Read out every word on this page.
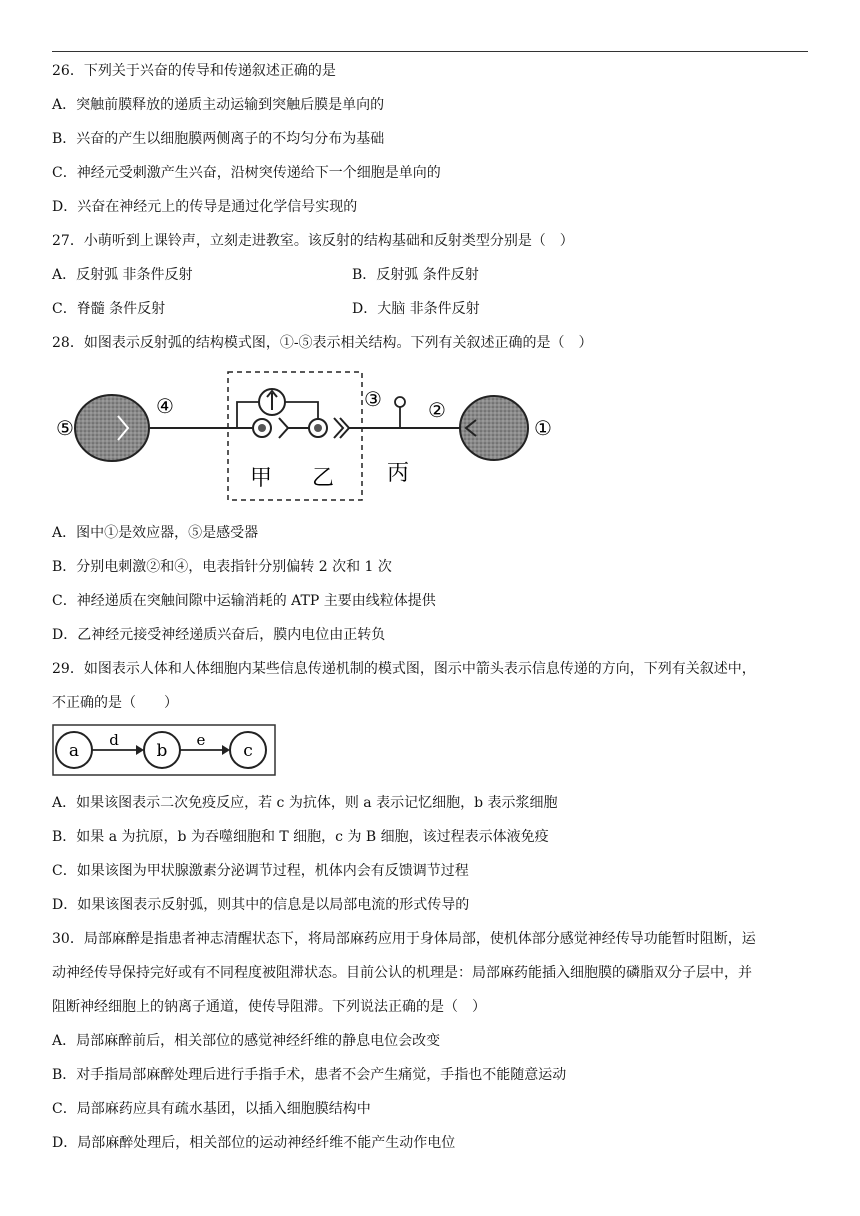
26．下列关于兴奋的传导和传递叙述正确的是
A．突触前膜释放的递质主动运输到突触后膜是单向的
B．兴奋的产生以细胞膜两侧离子的不均匀分布为基础
C．神经元受刺激产生兴奋，沿树突传递给下一个细胞是单向的
D．兴奋在神经元上的传导是通过化学信号实现的
27．小萌听到上课铃声，立刻走进教室。该反射的结构基础和反射类型分别是（　）
A．反射弧 非条件反射	B．反射弧 条件反射
C．脊髓 条件反射	D．大脑 非条件反射
28．如图表示反射弧的结构模式图，①-⑤表示相关结构。下列有关叙述正确的是（　）
⑤
④	③ ②
①
甲 乙 丙
A．图中①是效应器，⑤是感受器
B．分别电刺激②和④，电表指针分别偏转 2 次和 1 次
C．神经递质在突触间隙中运输消耗的 ATP 主要由线粒体提供
D．乙神经元接受神经递质兴奋后，膜内电位由正转负
29．如图表示人体和人体细胞内某些信息传递机制的模式图，图示中箭头表示信息传递的方向，下列有关叙述中，
不正确的是（　　）
a	b	c
d	e
A．如果该图表示二次免疫反应，若 c 为抗体，则 a 表示记忆细胞，b 表示浆细胞
B．如果 a 为抗原，b 为吞噬细胞和 T 细胞，c 为 B 细胞，该过程表示体液免疫
C．如果该图为甲状腺激素分泌调节过程，机体内会有反馈调节过程
D．如果该图表示反射弧，则其中的信息是以局部电流的形式传导的
30．局部麻醉是指患者神志清醒状态下，将局部麻药应用于身体局部，使机体部分感觉神经传导功能暂时阻断，运
动神经传导保持完好或有不同程度被阻滞状态。目前公认的机理是：局部麻药能插入细胞膜的磷脂双分子层中，并
阻断神经细胞上的钠离子通道，使传导阻滞。下列说法正确的是（　）
A．局部麻醉前后，相关部位的感觉神经纤维的静息电位会改变
B．对手指局部麻醉处理后进行手指手术，患者不会产生痛觉，手指也不能随意运动
C．局部麻药应具有疏水基团，以插入细胞膜结构中
D．局部麻醉处理后，相关部位的运动神经纤维不能产生动作电位
